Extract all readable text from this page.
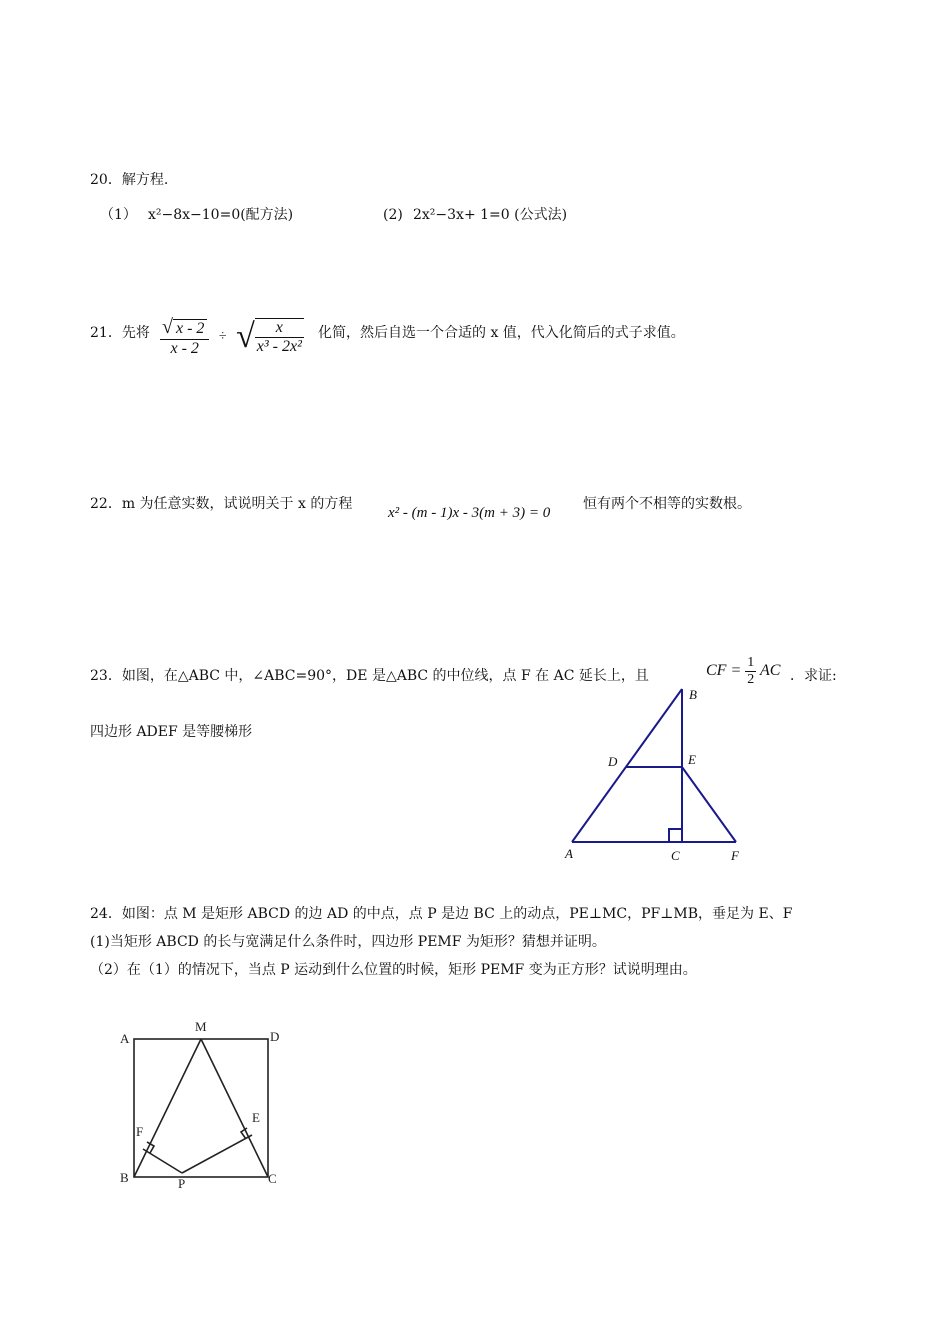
20．解方程.
（1） x²−8x−10=0(配方法)	(2) 2x²−3x+ 1=0 (公式法)
21．先将 $\frac{√ x - 2}{x - 2}$ ÷ √ $\frac{x}{\text{x³ - 2x²}}$ 化简，然后自选一个合适的 x 值，代入化简后的式子求值。
22．m 为任意实数，试说明关于 x 的方程
x² - (m - 1)x - 3(m + 3) = 0
恒有两个不相等的实数根。
23．如图，在△ABC 中，∠ABC=90°，DE 是△ABC 的中位线，点 F 在 AC 延长上，且	CF = $\frac{1}{2}$ AC ．求证:
四边形 ADEF 是等腰梯形
B
D	E
A	C	F
24．如图：点 M 是矩形 ABCD 的边 AD 的中点，点 P 是边 BC 上的动点，PE⊥MC，PF⊥MB，垂足为 E、F
(1)当矩形 ABCD 的长与宽满足什么条件时，四边形 PEMF 为矩形？猜想并证明。
（2）在（1）的情况下，当点 P 运动到什么位置的时候，矩形 PEMF 变为正方形？试说明理由。
A
M
D
F
E
B	P	C
